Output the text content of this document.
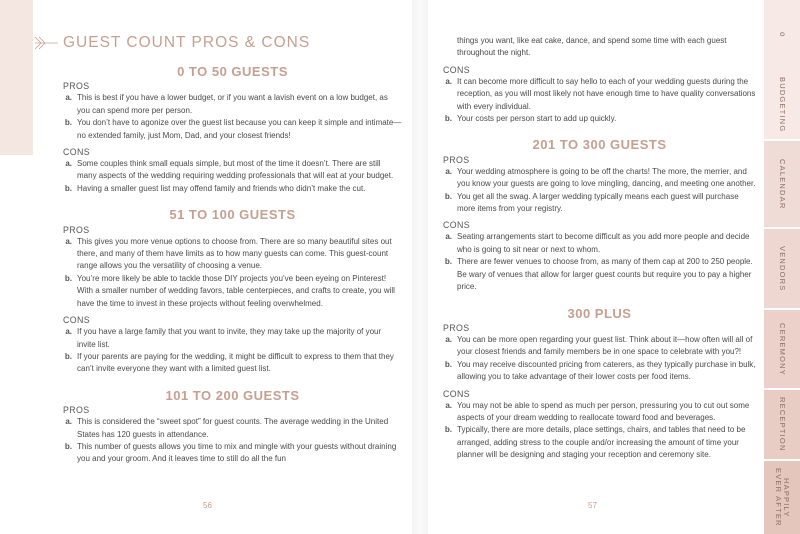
GUEST COUNT PROS & CONS
0 TO 50 GUESTS
PROS
a. This is best if you have a lower budget, or if you want a lavish event on a low budget, as you can spend more per person.
b. You don’t have to agonize over the guest list because you can keep it simple and intimate—no extended family, just Mom, Dad, and your closest friends!
CONS
a. Some couples think small equals simple, but most of the time it doesn’t. There are still many aspects of the wedding requiring wedding professionals that will eat at your budget.
b. Having a smaller guest list may offend family and friends who didn’t make the cut.
51 TO 100 GUESTS
PROS
a. This gives you more venue options to choose from. There are so many beautiful sites out there, and many of them have limits as to how many guests can come. This guest-count range allows you the versatility of choosing a venue.
b. You’re more likely be able to tackle those DIY projects you’ve been eyeing on Pinterest! With a smaller number of wedding favors, table centerpieces, and crafts to create, you will have the time to invest in these projects without feeling overwhelmed.
CONS
a. If you have a large family that you want to invite, they may take up the majority of your invite list.
b. If your parents are paying for the wedding, it might be difficult to express to them that they can’t invite everyone they want with a limited guest list.
101 TO 200 GUESTS
PROS
a. This is considered the “sweet spot” for guest counts. The average wedding in the United States has 120 guests in attendance.
b. This number of guests allows you time to mix and mingle with your guests without draining you and your groom. And it leaves time to still do all the fun
56
things you want, like eat cake, dance, and spend some time with each guest throughout the night.
CONS
a. It can become more difficult to say hello to each of your wedding guests during the reception, as you will most likely not have enough time to have quality conversations with every individual.
b. Your costs per person start to add up quickly.
201 TO 300 GUESTS
PROS
a. Your wedding atmosphere is going to be off the charts! The more, the merrier, and you know your guests are going to love mingling, dancing, and meeting one another.
b. You get all the swag. A larger wedding typically means each guest will purchase more items from your registry.
CONS
a. Seating arrangements start to become difficult as you add more people and decide who is going to sit near or next to whom.
b. There are fewer venues to choose from, as many of them cap at 200 to 250 people. Be wary of venues that allow for larger guest counts but require you to pay a higher price.
300 PLUS
PROS
a. You can be more open regarding your guest list. Think about it—how often will all of your closest friends and family members be in one space to celebrate with you?!
b. You may receive discounted pricing from caterers, as they typically purchase in bulk, allowing you to take advantage of their lower costs per food items.
CONS
a. You may not be able to spend as much per person, pressuring you to cut out some aspects of your dream wedding to reallocate toward food and beverages.
b. Typically, there are more details, place settings, chairs, and tables that need to be arranged, adding stress to the couple and/or increasing the amount of time your planner will be designing and staging your reception and ceremony site.
57
o
BUDGETING
CALENDAR
VENDORS
CEREMONY
RECEPTION
HAPPILY
EVER AFTER
